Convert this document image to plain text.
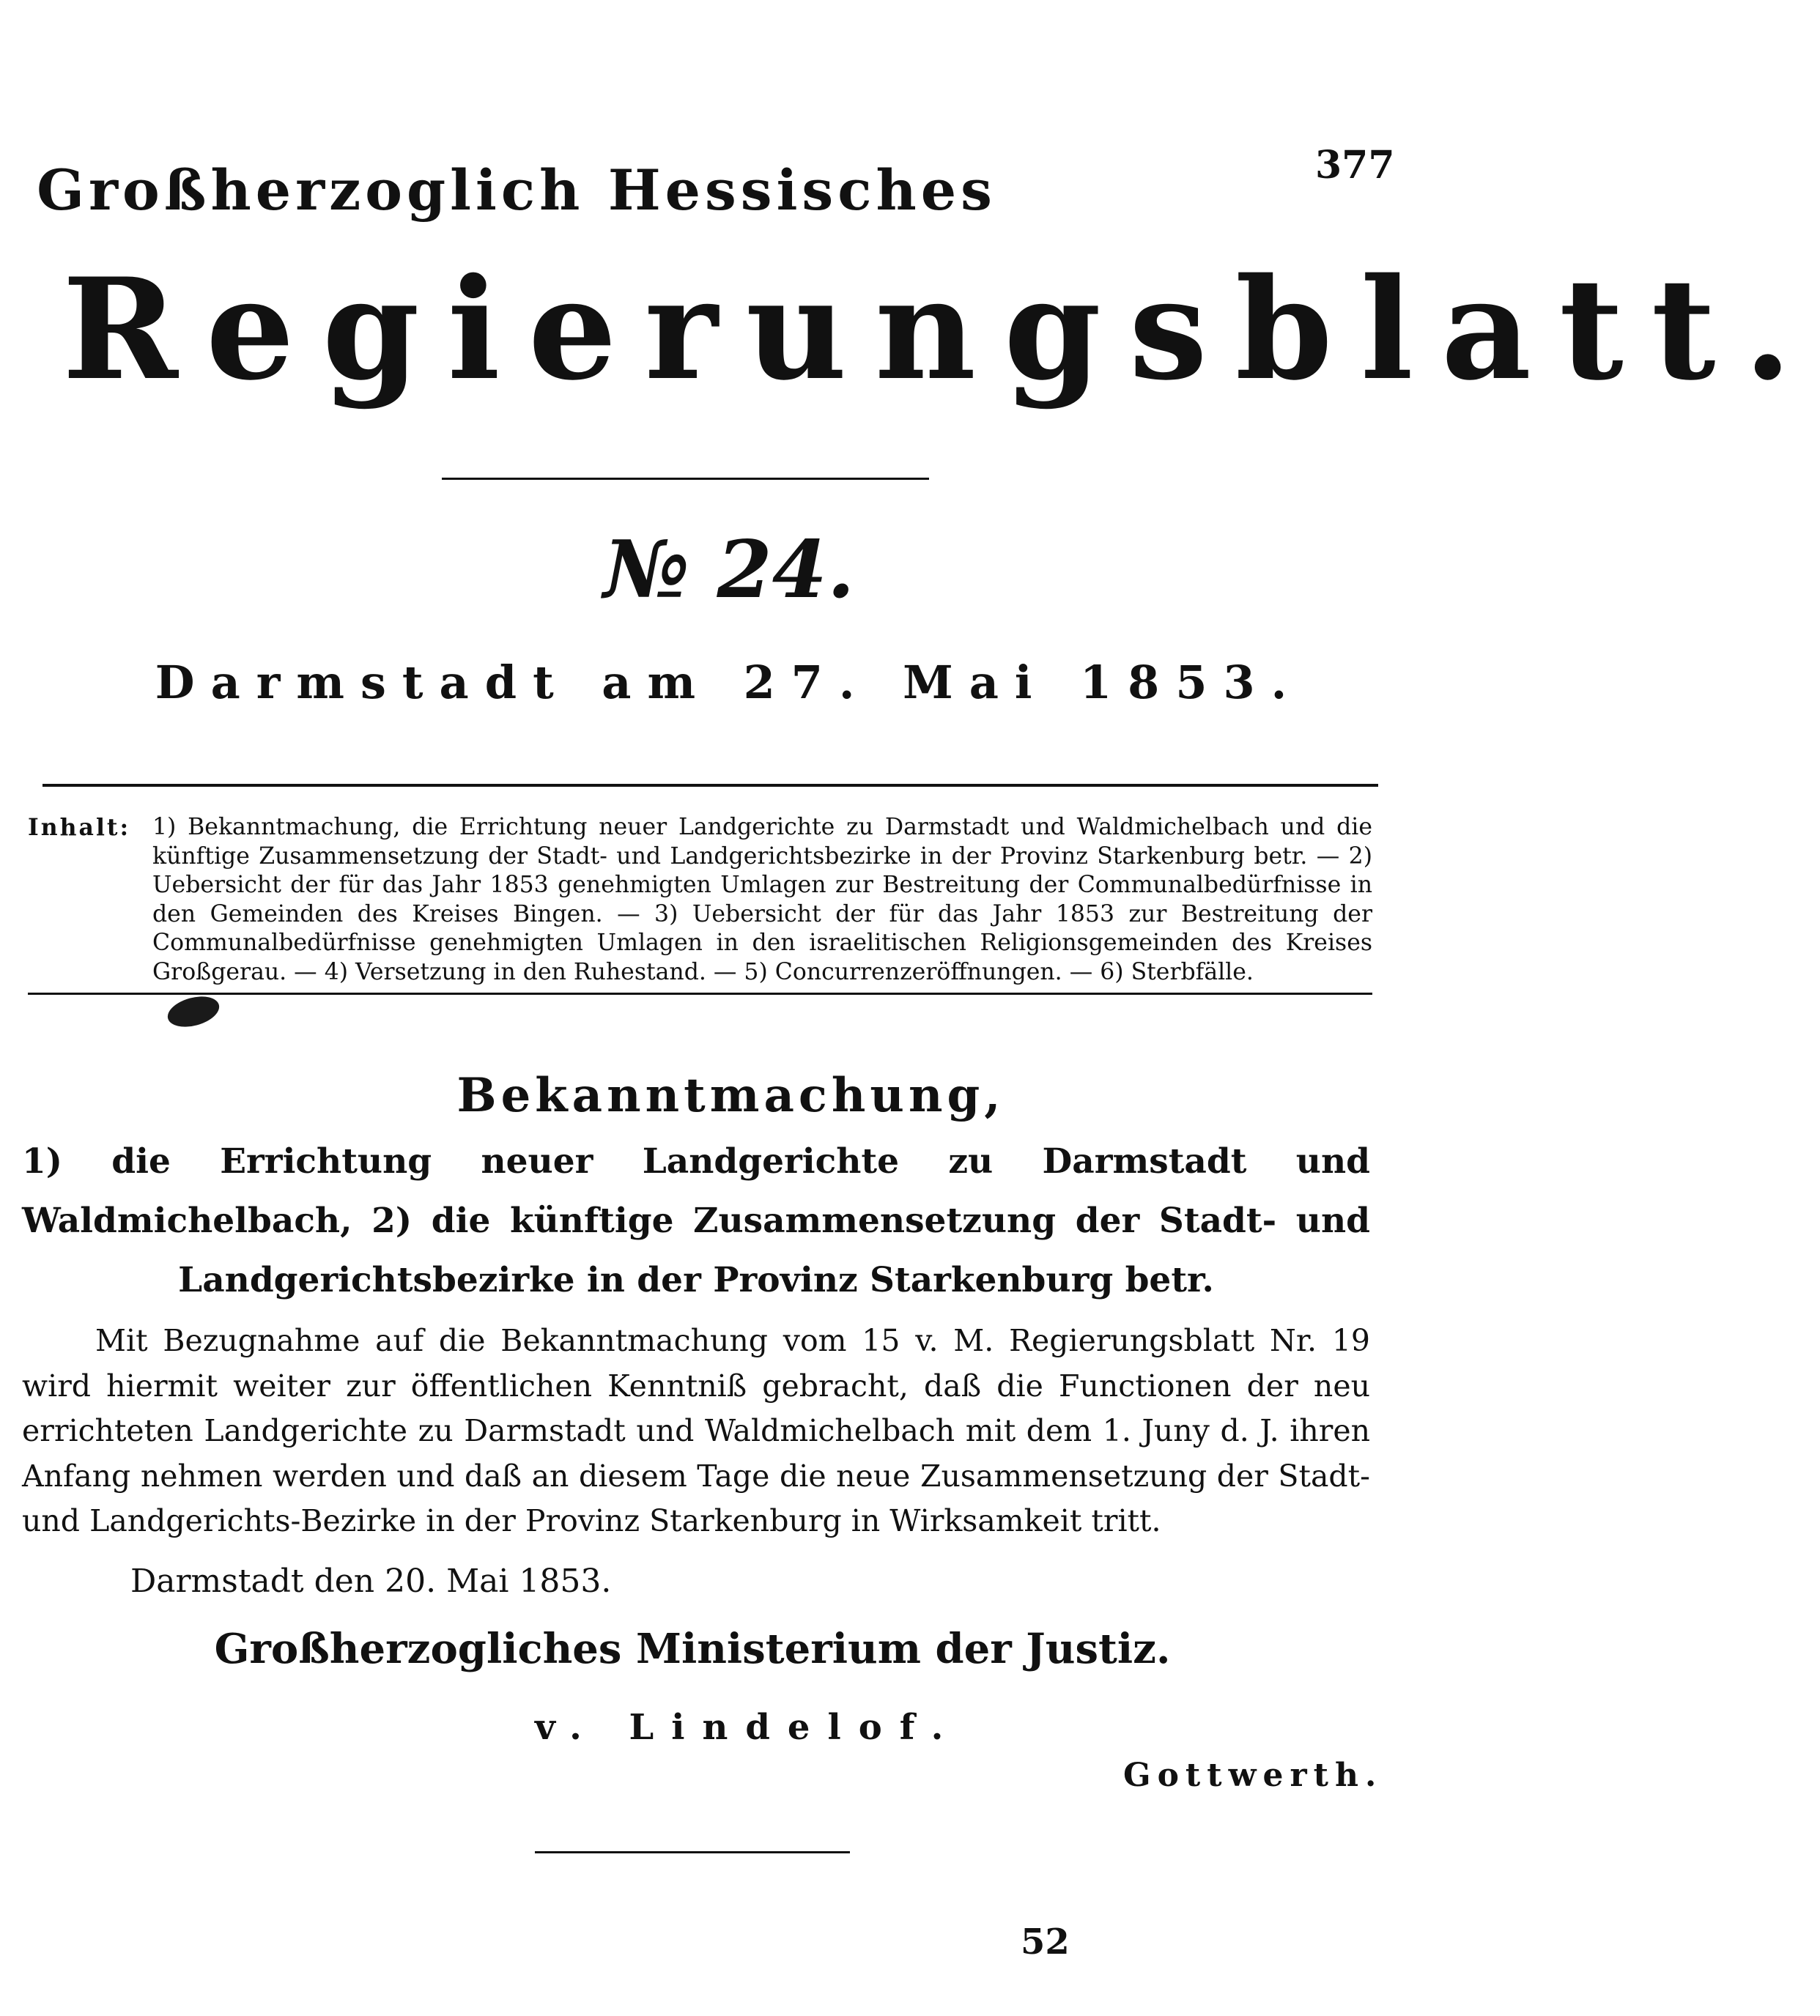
377
Großherzoglich Hessisches
Regierungsblatt.
№ 24.
Darmstadt am 27. Mai 1853.
Inhalt: 1) Bekanntmachung, die Errichtung neuer Landgerichte zu Darmstadt und Waldmichelbach und die künftige Zusammensetzung der Stadt- und Landgerichtsbezirke in der Provinz Starkenburg betr. — 2) Uebersicht der für das Jahr 1853 genehmigten Umlagen zur Bestreitung der Communalbedürfnisse in den Gemeinden des Kreises Bingen. — 3) Uebersicht der für das Jahr 1853 zur Bestreitung der Communalbedürfnisse genehmigten Umlagen in den israelitischen Religionsgemeinden des Kreises Großgerau. — 4) Versetzung in den Ruhestand. — 5) Concurrenzeröffnungen. — 6) Sterbfälle.
Bekanntmachung,
1) die Errichtung neuer Landgerichte zu Darmstadt und Waldmichelbach, 2) die künftige Zusammensetzung der Stadt- und Landgerichtsbezirke in der Provinz Starkenburg betr.
Mit Bezugnahme auf die Bekanntmachung vom 15 v. M. Regierungsblatt Nr. 19 wird hiermit weiter zur öffentlichen Kenntniß gebracht, daß die Functionen der neu errichteten Landgerichte zu Darmstadt und Waldmichelbach mit dem 1. Juny d. J. ihren Anfang nehmen werden und daß an diesem Tage die neue Zusammensetzung der Stadt- und Landgerichts-Bezirke in der Provinz Starkenburg in Wirksamkeit tritt.
Darmstadt den 20. Mai 1853.
Großherzogliches Ministerium der Justiz.
v. Lindelof.
Gottwerth.
52
